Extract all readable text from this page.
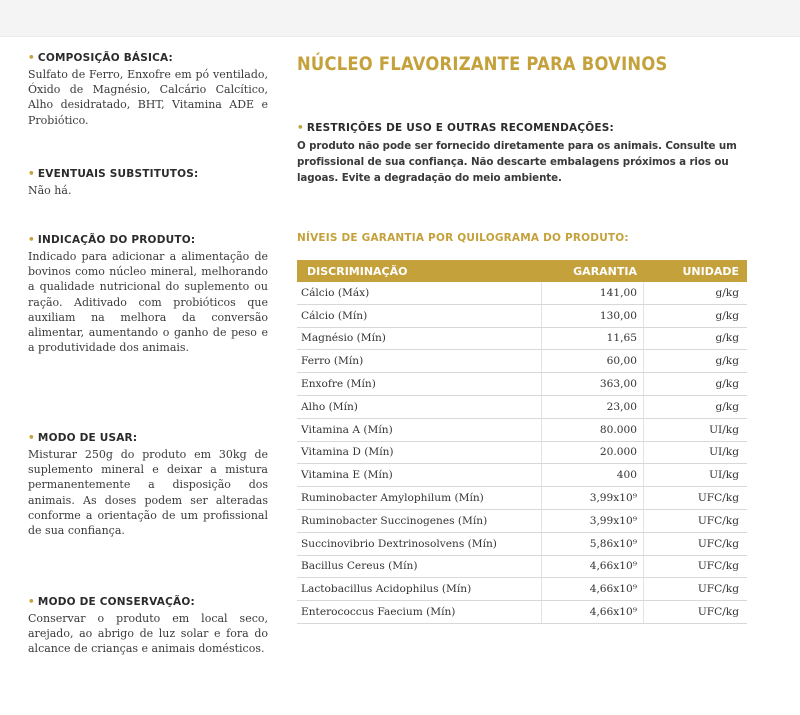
• COMPOSIÇÃO BÁSICA:

Sulfato de Ferro, Enxofre em pó ventilado, Óxido de Magnésio, Calcário Calcítico, Alho desidratado, BHT, Vitamina ADE e Probiótico.

• EVENTUAIS SUBSTITUTOS:

Não há.

• INDICAÇÃO DO PRODUTO:

Indicado para adicionar a alimentação de bovinos como núcleo mineral, melhorando a qualidade nutricional do suplemento ou ração. Aditivado com probióticos que auxiliam na melhora da conversão alimentar, aumentando o ganho de peso e a produtividade dos animais.

• MODO DE USAR:

Misturar 250g do produto em 30kg de suplemento mineral e deixar a mistura permanentemente a disposição dos animais. As doses podem ser alteradas conforme a orientação de um profissional de sua confiança.

• MODO DE CONSERVAÇÃO:

Conservar o produto em local seco, arejado, ao abrigo de luz solar e fora do alcance de crianças e animais domésticos.

NÚCLEO FLAVORIZANTE PARA BOVINOS
• RESTRIÇÕES DE USO E OUTRAS RECOMENDAÇÕES:

O produto não pode ser fornecido diretamente para os animais. Consulte um profissional de sua confiança. Não descarte embalagens próximos a rios ou lagoas. Evite a degradação do meio ambiente.

NÍVEIS DE GARANTIA POR QUILOGRAMA DO PRODUTO:
DISCRIMINAÇÃO	GARANTIA	UNIDADE
Cálcio (Máx)	141,00	g/kg
Cálcio (Mín)	130,00	g/kg
Magnésio (Mín)	11,65	g/kg
Ferro (Mín)	60,00	g/kg
Enxofre (Mín)	363,00	g/kg
Alho (Mín)	23,00	g/kg
Vitamina A (Mín)	80.000	UI/kg
Vitamina D (Mín)	20.000	UI/kg
Vitamina E (Mín)	400	UI/kg
Ruminobacter Amylophilum (Mín)	3,99x10⁹	UFC/kg
Ruminobacter Succinogenes (Mín)	3,99x10⁹	UFC/kg
Succinovibrio Dextrinosolvens (Mín)	5,86x10⁹	UFC/kg
Bacillus Cereus (Mín)	4,66x10⁹	UFC/kg
Lactobacillus Acidophilus (Mín)	4,66x10⁹	UFC/kg
Enterococcus Faecium (Mín)	4,66x10⁹	UFC/kg
